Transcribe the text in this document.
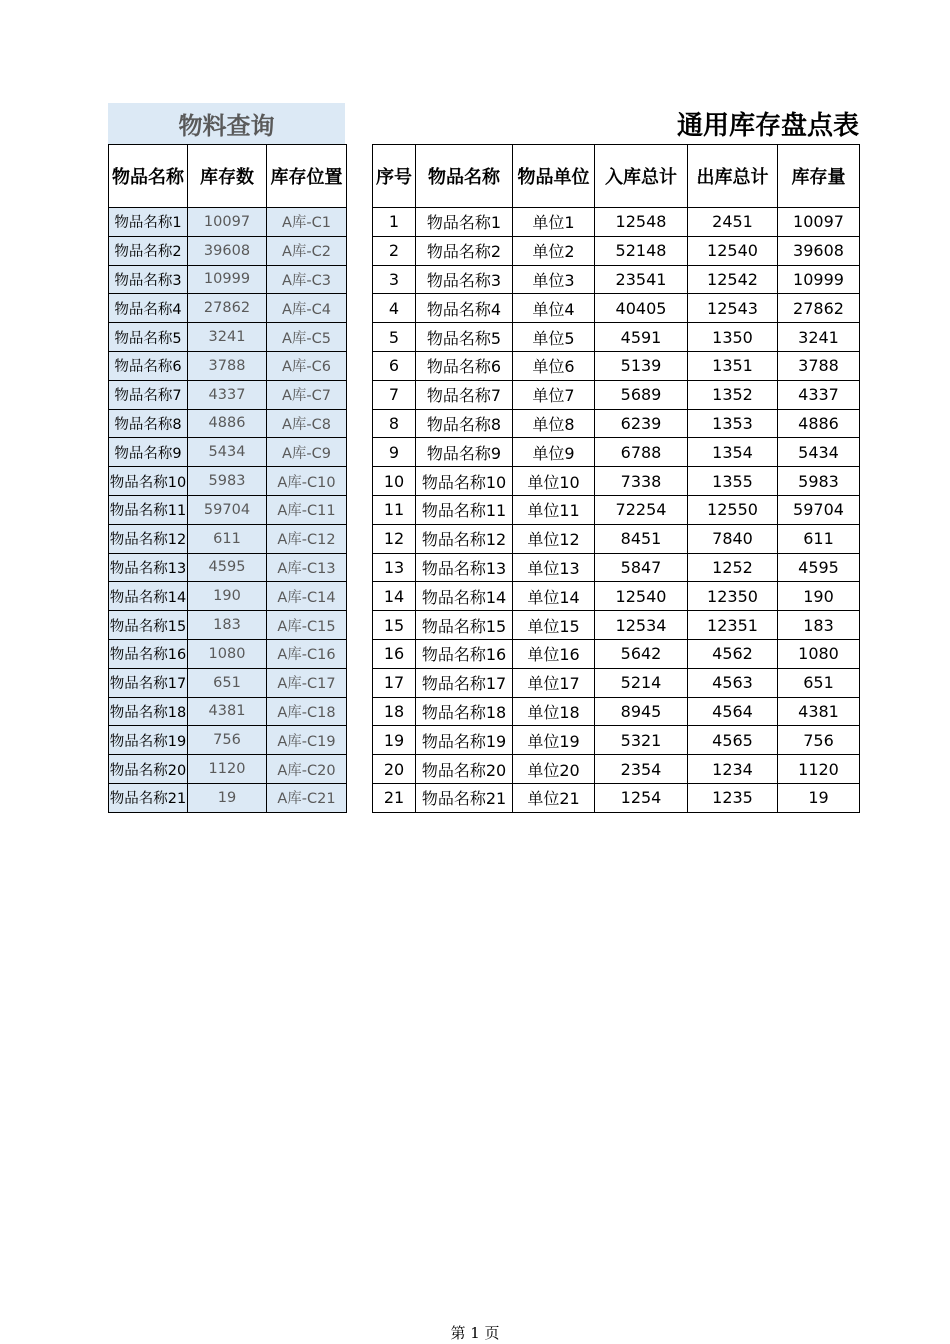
物料查询	通用库存盘点表
物品名称	库存数	库存位置
物品名称1	10097	A库-C1
物品名称2	39608	A库-C2
物品名称3	10999	A库-C3
物品名称4	27862	A库-C4
物品名称5	3241	A库-C5
物品名称6	3788	A库-C6
物品名称7	4337	A库-C7
物品名称8	4886	A库-C8
物品名称9	5434	A库-C9
物品名称10	5983	A库-C10
物品名称11	59704	A库-C11
物品名称12	611	A库-C12
物品名称13	4595	A库-C13
物品名称14	190	A库-C14
物品名称15	183	A库-C15
物品名称16	1080	A库-C16
物品名称17	651	A库-C17
物品名称18	4381	A库-C18
物品名称19	756	A库-C19
物品名称20	1120	A库-C20
物品名称21	19	A库-C21
序号	物品名称	物品单位	入库总计	出库总计	库存量
1	物品名称1	单位1	12548	2451	10097
2	物品名称2	单位2	52148	12540	39608
3	物品名称3	单位3	23541	12542	10999
4	物品名称4	单位4	40405	12543	27862
5	物品名称5	单位5	4591	1350	3241
6	物品名称6	单位6	5139	1351	3788
7	物品名称7	单位7	5689	1352	4337
8	物品名称8	单位8	6239	1353	4886
9	物品名称9	单位9	6788	1354	5434
10	物品名称10	单位10	7338	1355	5983
11	物品名称11	单位11	72254	12550	59704
12	物品名称12	单位12	8451	7840	611
13	物品名称13	单位13	5847	1252	4595
14	物品名称14	单位14	12540	12350	190
15	物品名称15	单位15	12534	12351	183
16	物品名称16	单位16	5642	4562	1080
17	物品名称17	单位17	5214	4563	651
18	物品名称18	单位18	8945	4564	4381
19	物品名称19	单位19	5321	4565	756
20	物品名称20	单位20	2354	1234	1120
21	物品名称21	单位21	1254	1235	19
第 1 页
